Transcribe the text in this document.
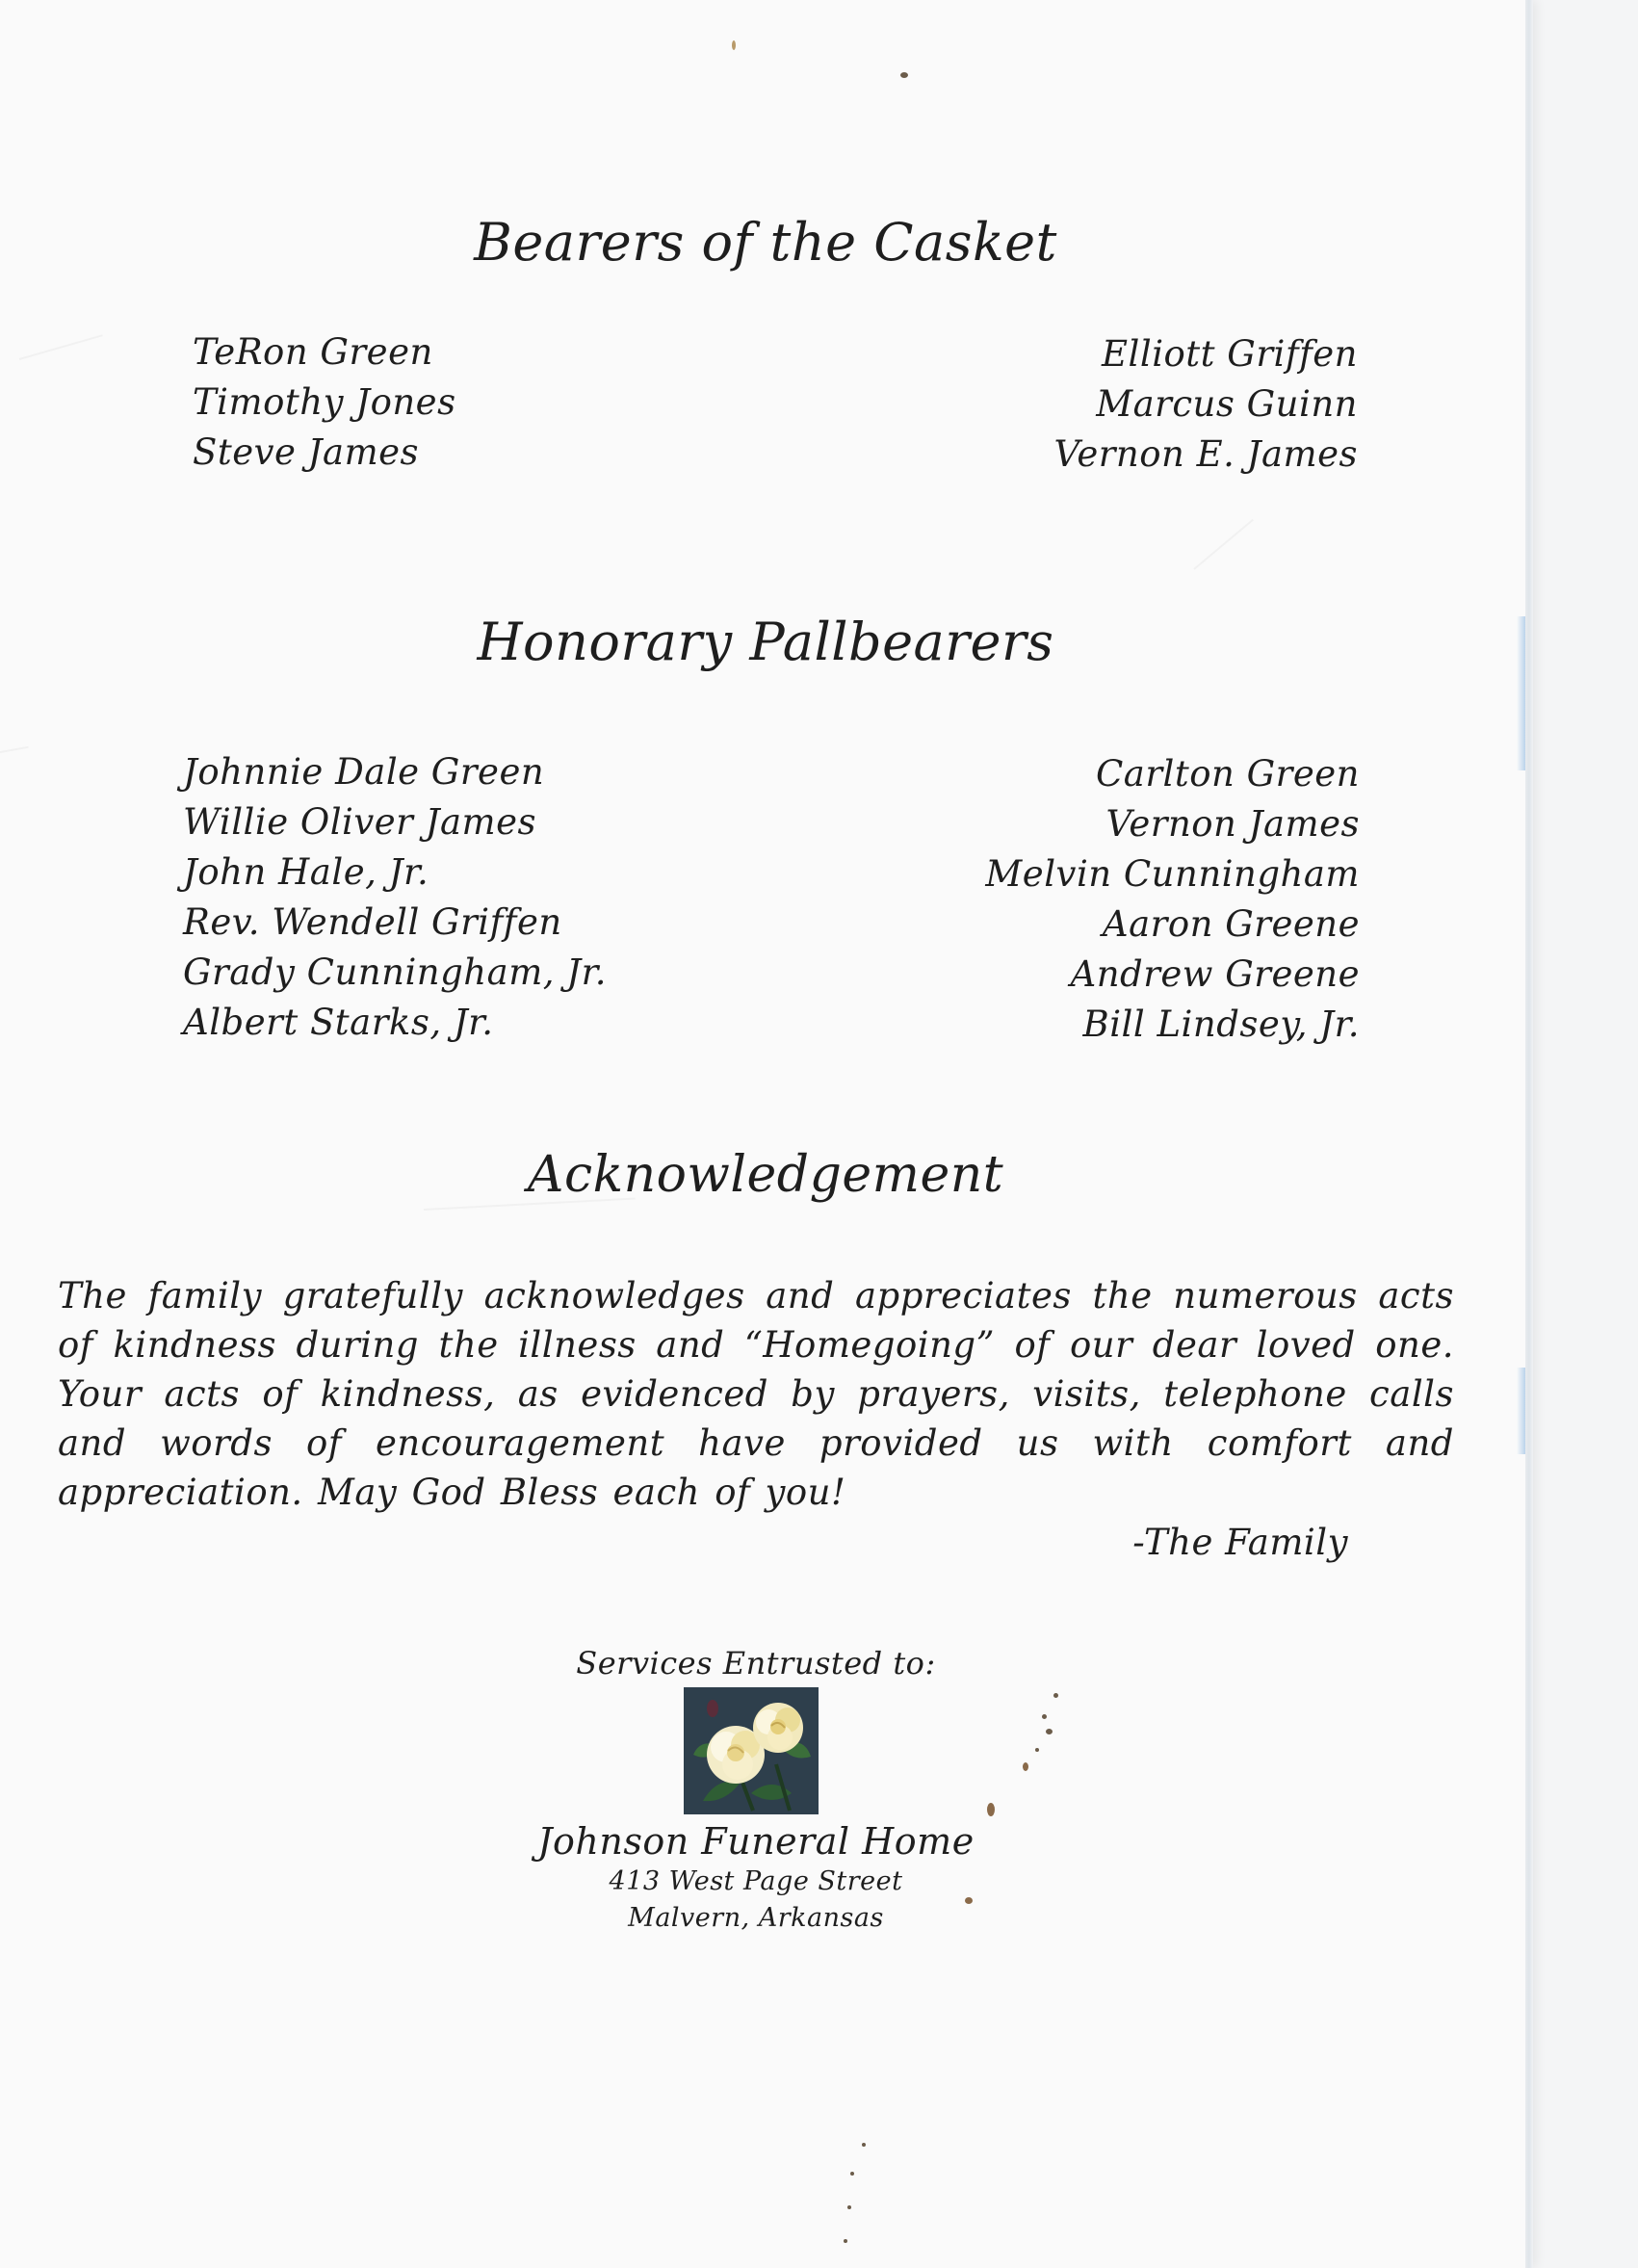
Bearers of the Casket
TeRon Green
Timothy Jones
Steve James
Elliott Griffen
Marcus Guinn
Vernon E. James
Honorary Pallbearers
Johnnie Dale Green
Willie Oliver James
John Hale, Jr.
Rev. Wendell Griffen
Grady Cunningham, Jr.
Albert Starks, Jr.
Carlton Green
Vernon James
Melvin Cunningham
Aaron Greene
Andrew Greene
Bill Lindsey, Jr.
Acknowledgement

The family gratefully acknowledges and appreciates the numerous acts of kindness during the illness and “Homegoing” of our dear loved one. Your acts of kindness, as evidenced by prayers, visits, telephone calls and words of encouragement have provided us with comfort and appreciation. May God Bless each of you!

-The Family
Services Entrusted to:
Johnson Funeral Home
413 West Page Street
Malvern, Arkansas
